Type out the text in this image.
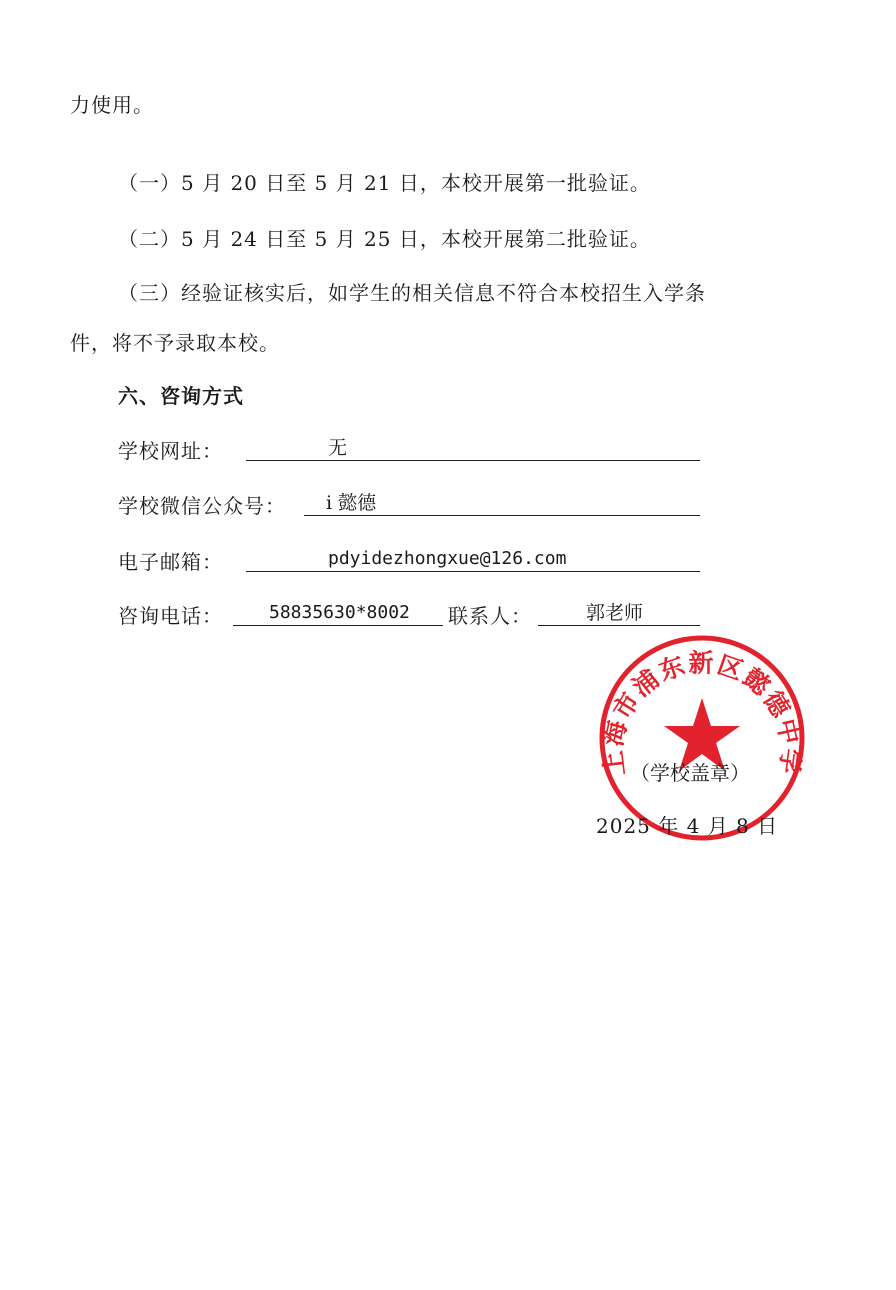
力使用。
（一）5 月 20 日至 5 月 21 日，本校开展第一批验证。
（二）5 月 24 日至 5 月 25 日，本校开展第二批验证。
（三）经验证核实后，如学生的相关信息不符合本校招生入学条
件，将不予录取本校。
六、咨询方式
学校网址：	无
学校微信公众号： i 懿德
电子邮箱：	pdyidezhongxue@126.com
咨询电话：	58835630*8002 联系人：	郭老师
上海市浦东新区懿德中学
（学校盖章）
2025 年 4 月 8 日
